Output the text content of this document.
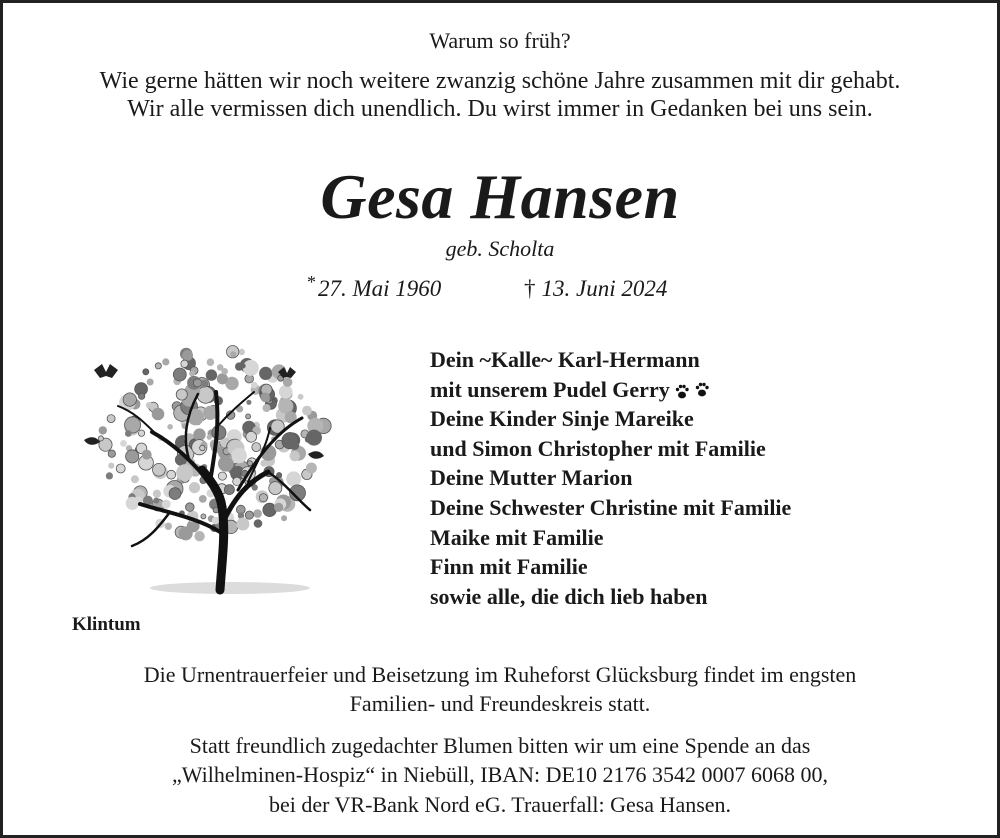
Warum so früh?
Wie gerne hätten wir noch weitere zwanzig schöne Jahre zusammen mit dir gehabt.
Wir alle vermissen dich unendlich. Du wirst immer in Gedanken bei uns sein.
Gesa Hansen
geb. Scholta
*27. Mai 1960	† 13. Juni 2024
Klintum
Dein ~Kalle~ Karl-Hermann
mit unserem Pudel Gerry
Deine Kinder Sinje Mareike
und Simon Christopher mit Familie
Deine Mutter Marion
Deine Schwester Christine mit Familie
Maike mit Familie
Finn mit Familie
sowie alle, die dich lieb haben
Die Urnentrauerfeier und Beisetzung im Ruheforst Glücksburg findet im engsten
Familien- und Freundeskreis statt.
Statt freundlich zugedachter Blumen bitten wir um eine Spende an das
„Wilhelminen-Hospiz“ in Niebüll, IBAN: DE10 2176 3542 0007 6068 00,
bei der VR-Bank Nord eG. Trauerfall: Gesa Hansen.
